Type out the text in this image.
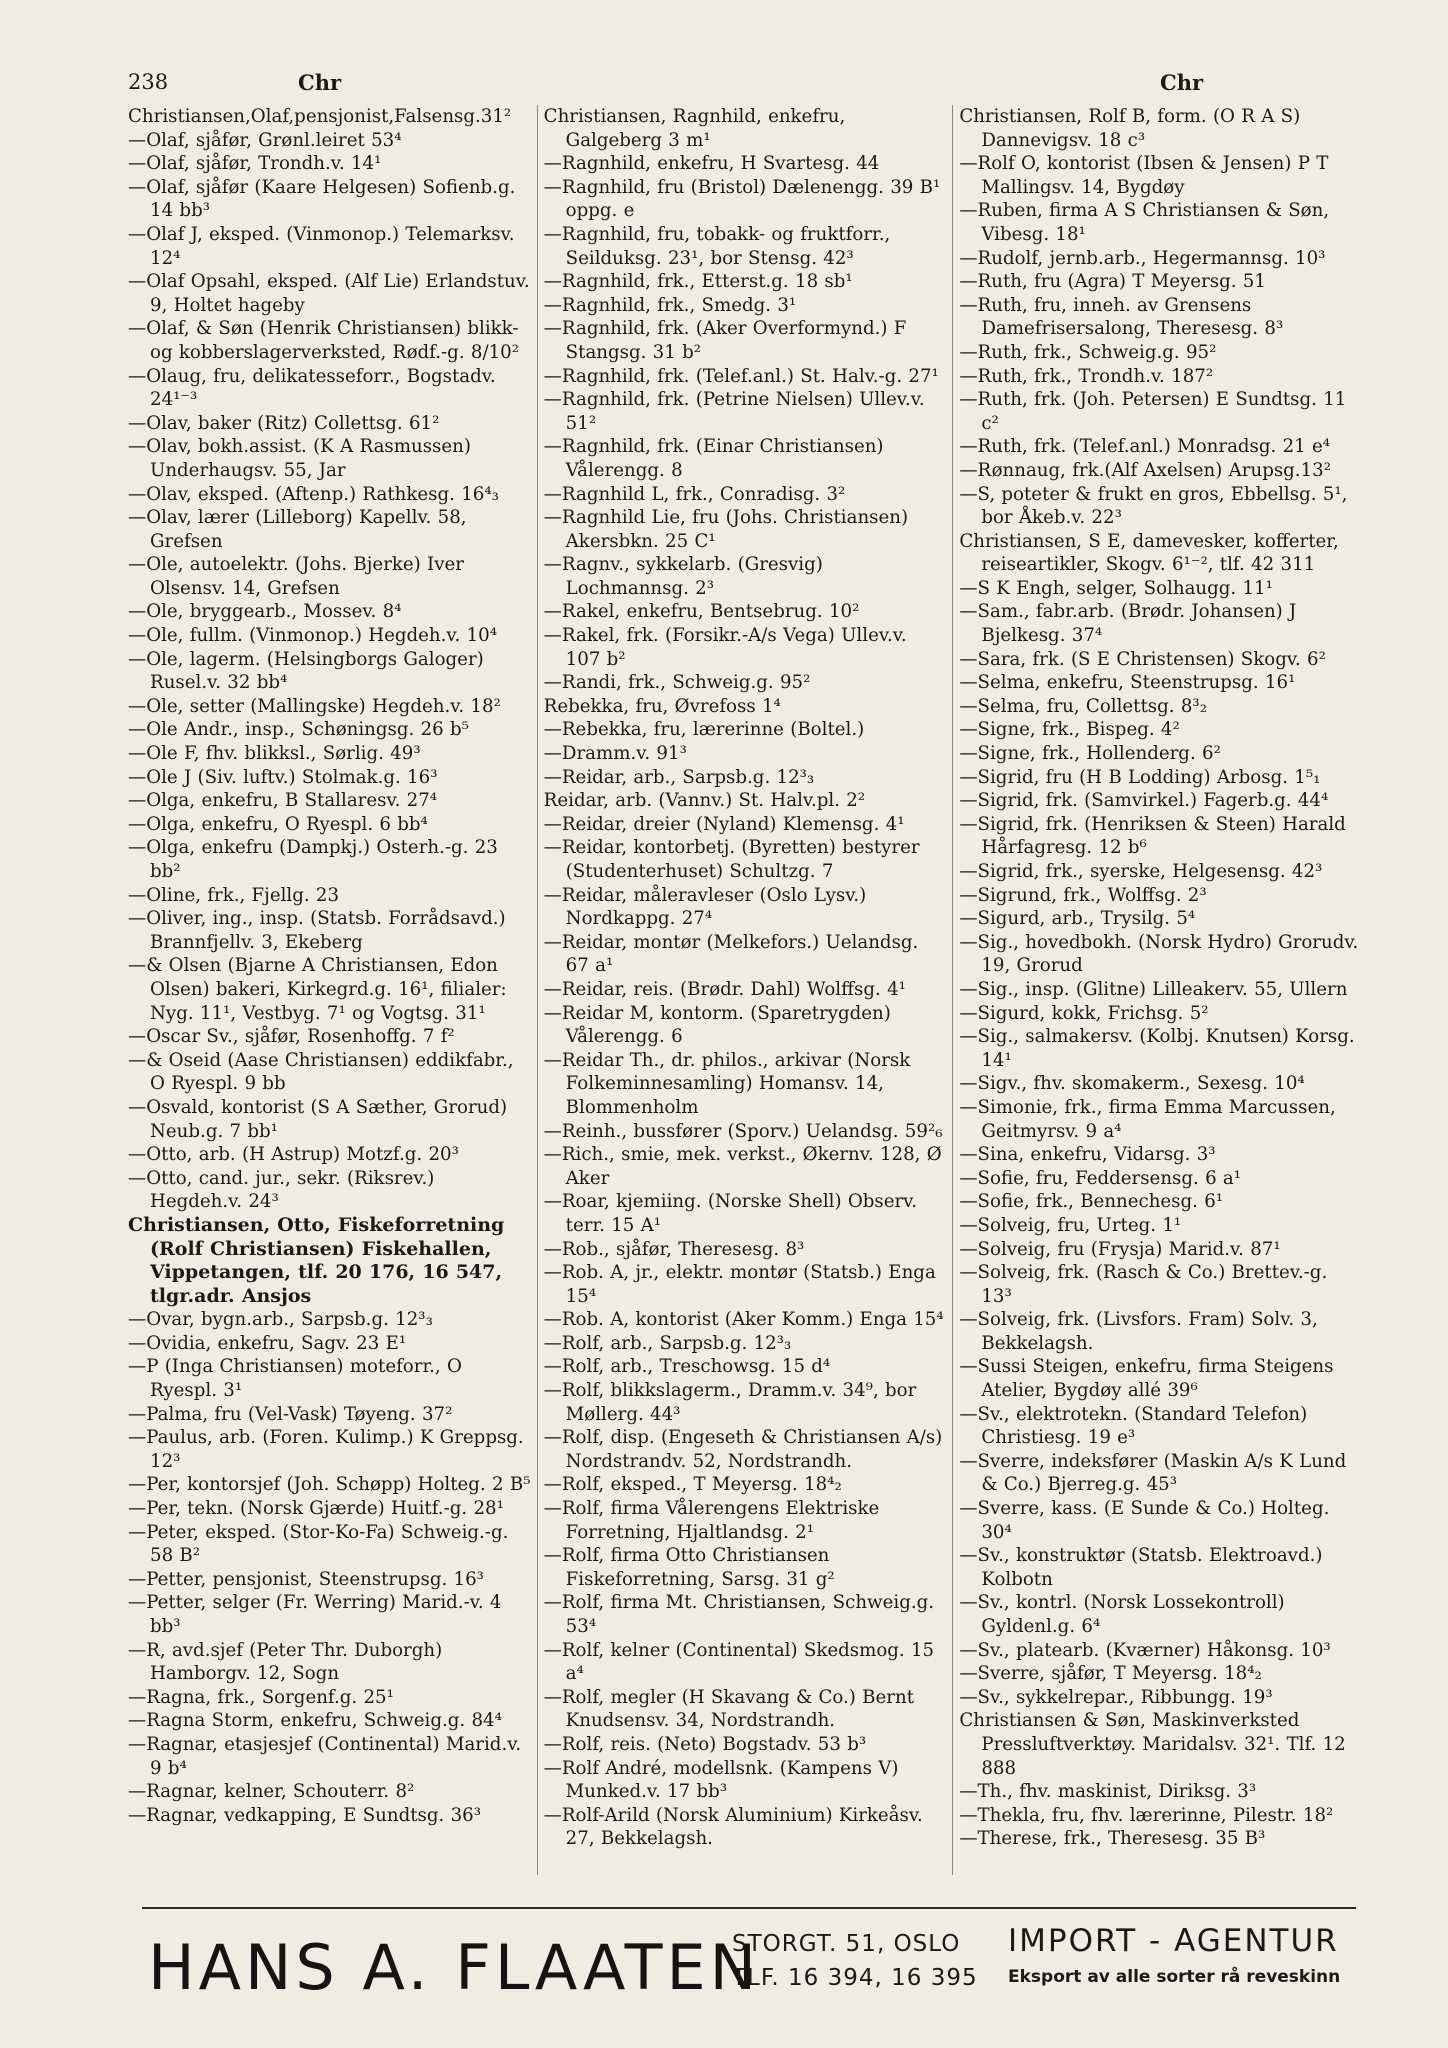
238	Chr	Chr
Christiansen,Olaf,pensjonist,Falsensg.31²
—Olaf, sjåfør, Grønl.leiret 53⁴
—Olaf, sjåfør, Trondh.v. 14¹
—Olaf, sjåfør (Kaare Helgesen) Sofienb.g. 14 bb³
—Olaf J, eksped. (Vinmonop.) Telemarksv. 12⁴
—Olaf Opsahl, eksped. (Alf Lie) Erlandstuv. 9, Holtet hageby
—Olaf, & Søn (Henrik Christiansen) blikk- og kobberslagerverksted, Rødf.-g. 8/10²
—Olaug, fru, delikatesseforr., Bogstadv. 24¹⁻³
—Olav, baker (Ritz) Collettsg. 61²
—Olav, bokh.assist. (K A Rasmussen) Underhaugsv. 55, Jar
—Olav, eksped. (Aftenp.) Rathkesg. 16⁴₃
—Olav, lærer (Lilleborg) Kapellv. 58, Grefsen
—Ole, autoelektr. (Johs. Bjerke) Iver Olsensv. 14, Grefsen
—Ole, bryggearb., Mossev. 8⁴
—Ole, fullm. (Vinmonop.) Hegdeh.v. 10⁴
—Ole, lagerm. (Helsingborgs Galoger) Rusel.v. 32 bb⁴
—Ole, setter (Mallingske) Hegdeh.v. 18²
—Ole Andr., insp., Schøningsg. 26 b⁵
—Ole F, fhv. blikksl., Sørlig. 49³
—Ole J (Siv. luftv.) Stolmak.g. 16³
—Olga, enkefru, B Stallaresv. 27⁴
—Olga, enkefru, O Ryespl. 6 bb⁴
—Olga, enkefru (Dampkj.) Osterh.-g. 23 bb²
—Oline, frk., Fjellg. 23
—Oliver, ing., insp. (Statsb. Forrådsavd.) Brannfjellv. 3, Ekeberg
—& Olsen (Bjarne A Christiansen, Edon Olsen) bakeri, Kirkegrd.g. 16¹, filialer: Nyg. 11¹, Vestbyg. 7¹ og Vogtsg. 31¹
—Oscar Sv., sjåfør, Rosenhoffg. 7 f²
—& Oseid (Aase Christiansen) eddikfabr., O Ryespl. 9 bb
—Osvald, kontorist (S A Sæther, Grorud) Neub.g. 7 bb¹
—Otto, arb. (H Astrup) Motzf.g. 20³
—Otto, cand. jur., sekr. (Riksrev.) Hegdeh.v. 24³
Christiansen, Otto, Fiskeforretning (Rolf Christiansen) Fiskehallen, Vippetangen, tlf. 20 176, 16 547, tlgr.adr. Ansjos
—Ovar, bygn.arb., Sarpsb.g. 12³₃
—Ovidia, enkefru, Sagv. 23 E¹
—P (Inga Christiansen) moteforr., O Ryespl. 3¹
—Palma, fru (Vel-Vask) Tøyeng. 37²
—Paulus, arb. (Foren. Kulimp.) K Greppsg. 12³
—Per, kontorsjef (Joh. Schøpp) Holteg. 2 B⁵
—Per, tekn. (Norsk Gjærde) Huitf.-g. 28¹
—Peter, eksped. (Stor-Ko-Fa) Schweig.-g. 58 B²
—Petter, pensjonist, Steenstrupsg. 16³
—Petter, selger (Fr. Werring) Marid.-v. 4 bb³
—R, avd.sjef (Peter Thr. Duborgh) Hamborgv. 12, Sogn
—Ragna, frk., Sorgenf.g. 25¹
—Ragna Storm, enkefru, Schweig.g. 84⁴
—Ragnar, etasjesjef (Continental) Marid.v. 9 b⁴
—Ragnar, kelner, Schouterr. 8²
—Ragnar, vedkapping, E Sundtsg. 36³
Christiansen, Ragnhild, enkefru, Galgeberg 3 m¹
—Ragnhild, enkefru, H Svartesg. 44
—Ragnhild, fru (Bristol) Dælenengg. 39 B¹ oppg. e
—Ragnhild, fru, tobakk- og fruktforr., Seilduksg. 23¹, bor Stensg. 42³
—Ragnhild, frk., Etterst.g. 18 sb¹
—Ragnhild, frk., Smedg. 3¹
—Ragnhild, frk. (Aker Overformynd.) F Stangsg. 31 b²
—Ragnhild, frk. (Telef.anl.) St. Halv.-g. 27¹
—Ragnhild, frk. (Petrine Nielsen) Ullev.v. 51²
—Ragnhild, frk. (Einar Christiansen) Vålerengg. 8
—Ragnhild L, frk., Conradisg. 3²
—Ragnhild Lie, fru (Johs. Christiansen) Akersbkn. 25 C¹
—Ragnv., sykkelarb. (Gresvig) Lochmannsg. 2³
—Rakel, enkefru, Bentsebrug. 10²
—Rakel, frk. (Forsikr.-A/s Vega) Ullev.v. 107 b²
—Randi, frk., Schweig.g. 95²
Rebekka, fru, Øvrefoss 1⁴
—Rebekka, fru, lærerinne (Boltel.)
—Dramm.v. 91³
—Reidar, arb., Sarpsb.g. 12³₃
Reidar, arb. (Vannv.) St. Halv.pl. 2²
—Reidar, dreier (Nyland) Klemensg. 4¹
—Reidar, kontorbetj. (Byretten) bestyrer (Studenterhuset) Schultzg. 7
—Reidar, måleravleser (Oslo Lysv.) Nordkappg. 27⁴
—Reidar, montør (Melkefors.) Uelandsg. 67 a¹
—Reidar, reis. (Brødr. Dahl) Wolffsg. 4¹
—Reidar M, kontorm. (Sparetrygden) Vålerengg. 6
—Reidar Th., dr. philos., arkivar (Norsk Folkeminnesamling) Homansv. 14, Blommenholm
—Reinh., bussfører (Sporv.) Uelandsg. 59²₆
—Rich., smie, mek. verkst., Økernv. 128, Ø Aker
—Roar, kjemiing. (Norske Shell) Observ. terr. 15 A¹
—Rob., sjåfør, Theresesg. 8³
—Rob. A, jr., elektr. montør (Statsb.) Enga 15⁴
—Rob. A, kontorist (Aker Komm.) Enga 15⁴
—Rolf, arb., Sarpsb.g. 12³₃
—Rolf, arb., Treschowsg. 15 d⁴
—Rolf, blikkslagerm., Dramm.v. 34⁹, bor Møllerg. 44³
—Rolf, disp. (Engeseth & Christiansen A/s) Nordstrandv. 52, Nordstrandh.
—Rolf, eksped., T Meyersg. 18⁴₂
—Rolf, firma Vålerengens Elektriske Forretning, Hjaltlandsg. 2¹
—Rolf, firma Otto Christiansen Fiskeforretning, Sarsg. 31 g²
—Rolf, firma Mt. Christiansen, Schweig.g. 53⁴
—Rolf, kelner (Continental) Skedsmog. 15 a⁴
—Rolf, megler (H Skavang & Co.) Bernt Knudsensv. 34, Nordstrandh.
—Rolf, reis. (Neto) Bogstadv. 53 b³
—Rolf André, modellsnk. (Kampens V) Munked.v. 17 bb³
—Rolf-Arild (Norsk Aluminium) Kirkeåsv. 27, Bekkelagsh.
Christiansen, Rolf B, form. (O R A S) Dannevigsv. 18 c³
—Rolf O, kontorist (Ibsen & Jensen) P T Mallingsv. 14, Bygdøy
—Ruben, firma A S Christiansen & Søn, Vibesg. 18¹
—Rudolf, jernb.arb., Hegermannsg. 10³
—Ruth, fru (Agra) T Meyersg. 51
—Ruth, fru, inneh. av Grensens Damefrisersalong, Theresesg. 8³
—Ruth, frk., Schweig.g. 95²
—Ruth, frk., Trondh.v. 187²
—Ruth, frk. (Joh. Petersen) E Sundtsg. 11 c²
—Ruth, frk. (Telef.anl.) Monradsg. 21 e⁴
—Rønnaug, frk.(Alf Axelsen) Arupsg.13²
—S, poteter & frukt en gros, Ebbellsg. 5¹, bor Åkeb.v. 22³
Christiansen, S E, damevesker, kofferter, reiseartikler, Skogv. 6¹⁻², tlf. 42 311
—S K Engh, selger, Solhaugg. 11¹
—Sam., fabr.arb. (Brødr. Johansen) J Bjelkesg. 37⁴
—Sara, frk. (S E Christensen) Skogv. 6²
—Selma, enkefru, Steenstrupsg. 16¹
—Selma, fru, Collettsg. 8³₂
—Signe, frk., Bispeg. 4²
—Signe, frk., Hollenderg. 6²
—Sigrid, fru (H B Lodding) Arbosg. 1⁵₁
—Sigrid, frk. (Samvirkel.) Fagerb.g. 44⁴
—Sigrid, frk. (Henriksen & Steen) Harald Hårfagresg. 12 b⁶
—Sigrid, frk., syerske, Helgesensg. 42³
—Sigrund, frk., Wolffsg. 2³
—Sigurd, arb., Trysilg. 5⁴
—Sig., hovedbokh. (Norsk Hydro) Grorudv. 19, Grorud
—Sig., insp. (Glitne) Lilleakerv. 55, Ullern
—Sigurd, kokk, Frichsg. 5²
—Sig., salmakersv. (Kolbj. Knutsen) Korsg. 14¹
—Sigv., fhv. skomakerm., Sexesg. 10⁴
—Simonie, frk., firma Emma Marcussen, Geitmyrsv. 9 a⁴
—Sina, enkefru, Vidarsg. 3³
—Sofie, fru, Feddersensg. 6 a¹
—Sofie, frk., Bennechesg. 6¹
—Solveig, fru, Urteg. 1¹
—Solveig, fru (Frysja) Marid.v. 87¹
—Solveig, frk. (Rasch & Co.) Brettev.-g. 13³
—Solveig, frk. (Livsfors. Fram) Solv. 3, Bekkelagsh.
—Sussi Steigen, enkefru, firma Steigens Atelier, Bygdøy allé 39⁶
—Sv., elektrotekn. (Standard Telefon) Christiesg. 19 e³
—Sverre, indeksfører (Maskin A/s K Lund & Co.) Bjerreg.g. 45³
—Sverre, kass. (E Sunde & Co.) Holteg. 30⁴
—Sv., konstruktør (Statsb. Elektroavd.) Kolbotn
—Sv., kontrl. (Norsk Lossekontroll) Gyldenl.g. 6⁴
—Sv., platearb. (Kværner) Håkonsg. 10³
—Sverre, sjåfør, T Meyersg. 18⁴₂
—Sv., sykkelrepar., Ribbungg. 19³
Christiansen & Søn, Maskinverksted Pressluftverktøy. Maridalsv. 32¹. Tlf. 12 888
—Th., fhv. maskinist, Diriksg. 3³
—Thekla, fru, fhv. lærerinne, Pilestr. 18²
—Therese, frk., Theresesg. 35 B³
HANS A. FLAATEN
STORGT. 51, OSLO
TLF. 16 394, 16 395
IMPORT - AGENTUR
Eksport av alle sorter rå reveskinn
